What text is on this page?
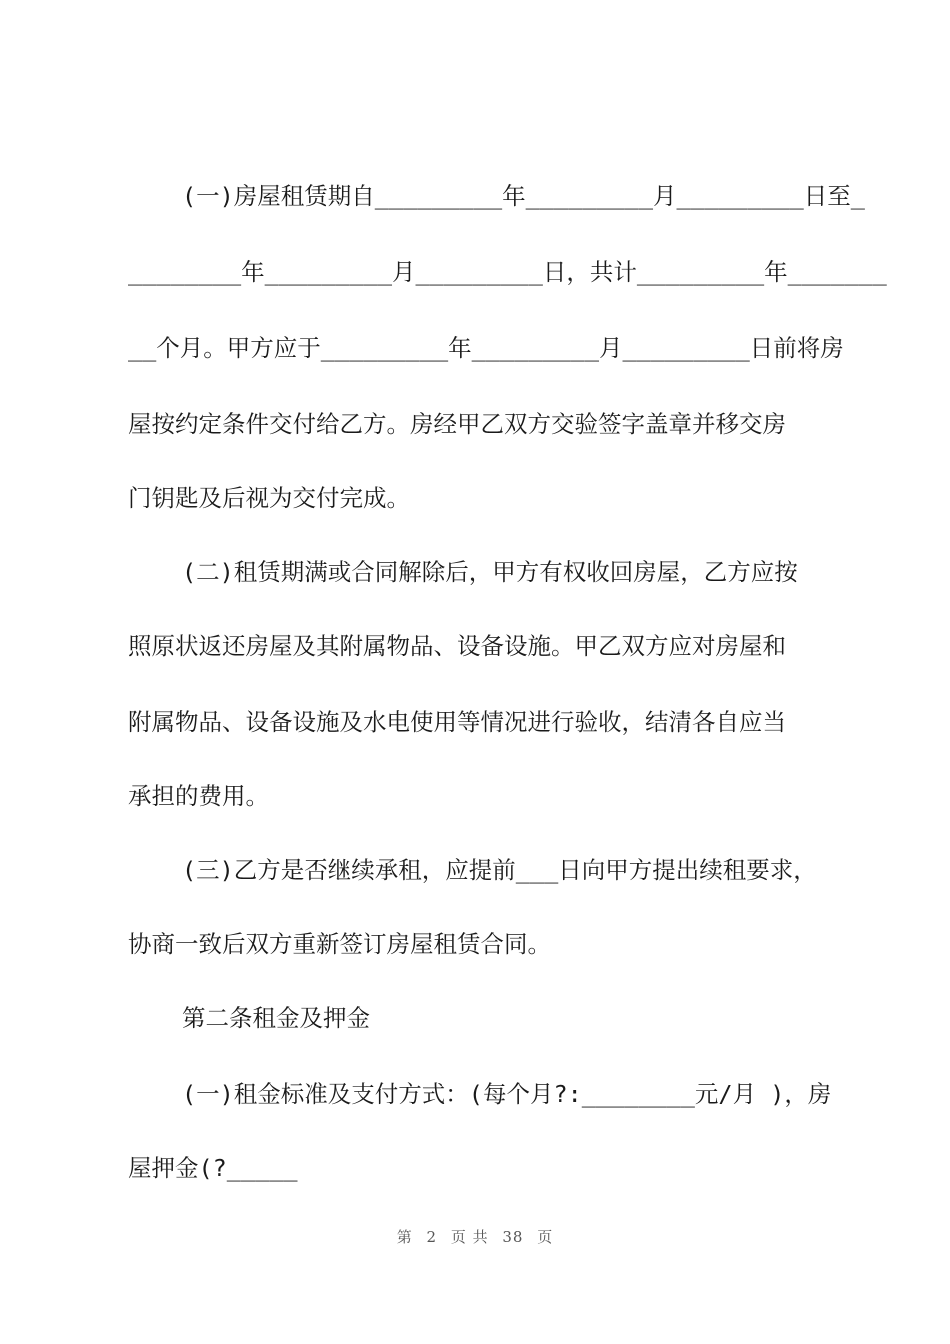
(一)房屋租赁期自_________年_________月_________日至_
________年_________月_________日，共计_________年_______
__个月。甲方应于_________年_________月_________日前将房
屋按约定条件交付给乙方。房经甲乙双方交验签字盖章并移交房
门钥匙及后视为交付完成。
(二)租赁期满或合同解除后，甲方有权收回房屋，乙方应按
照原状返还房屋及其附属物品、设备设施。甲乙双方应对房屋和
附属物品、设备设施及水电使用等情况进行验收，结清各自应当
承担的费用。
(三)乙方是否继续承租，应提前___日向甲方提出续租要求，
协商一致后双方重新签订房屋租赁合同。
第二条租金及押金
(一)租金标准及支付方式：(每个月?:________元/月 )，房
屋押金(?_____
第 2 页 共 38 页
